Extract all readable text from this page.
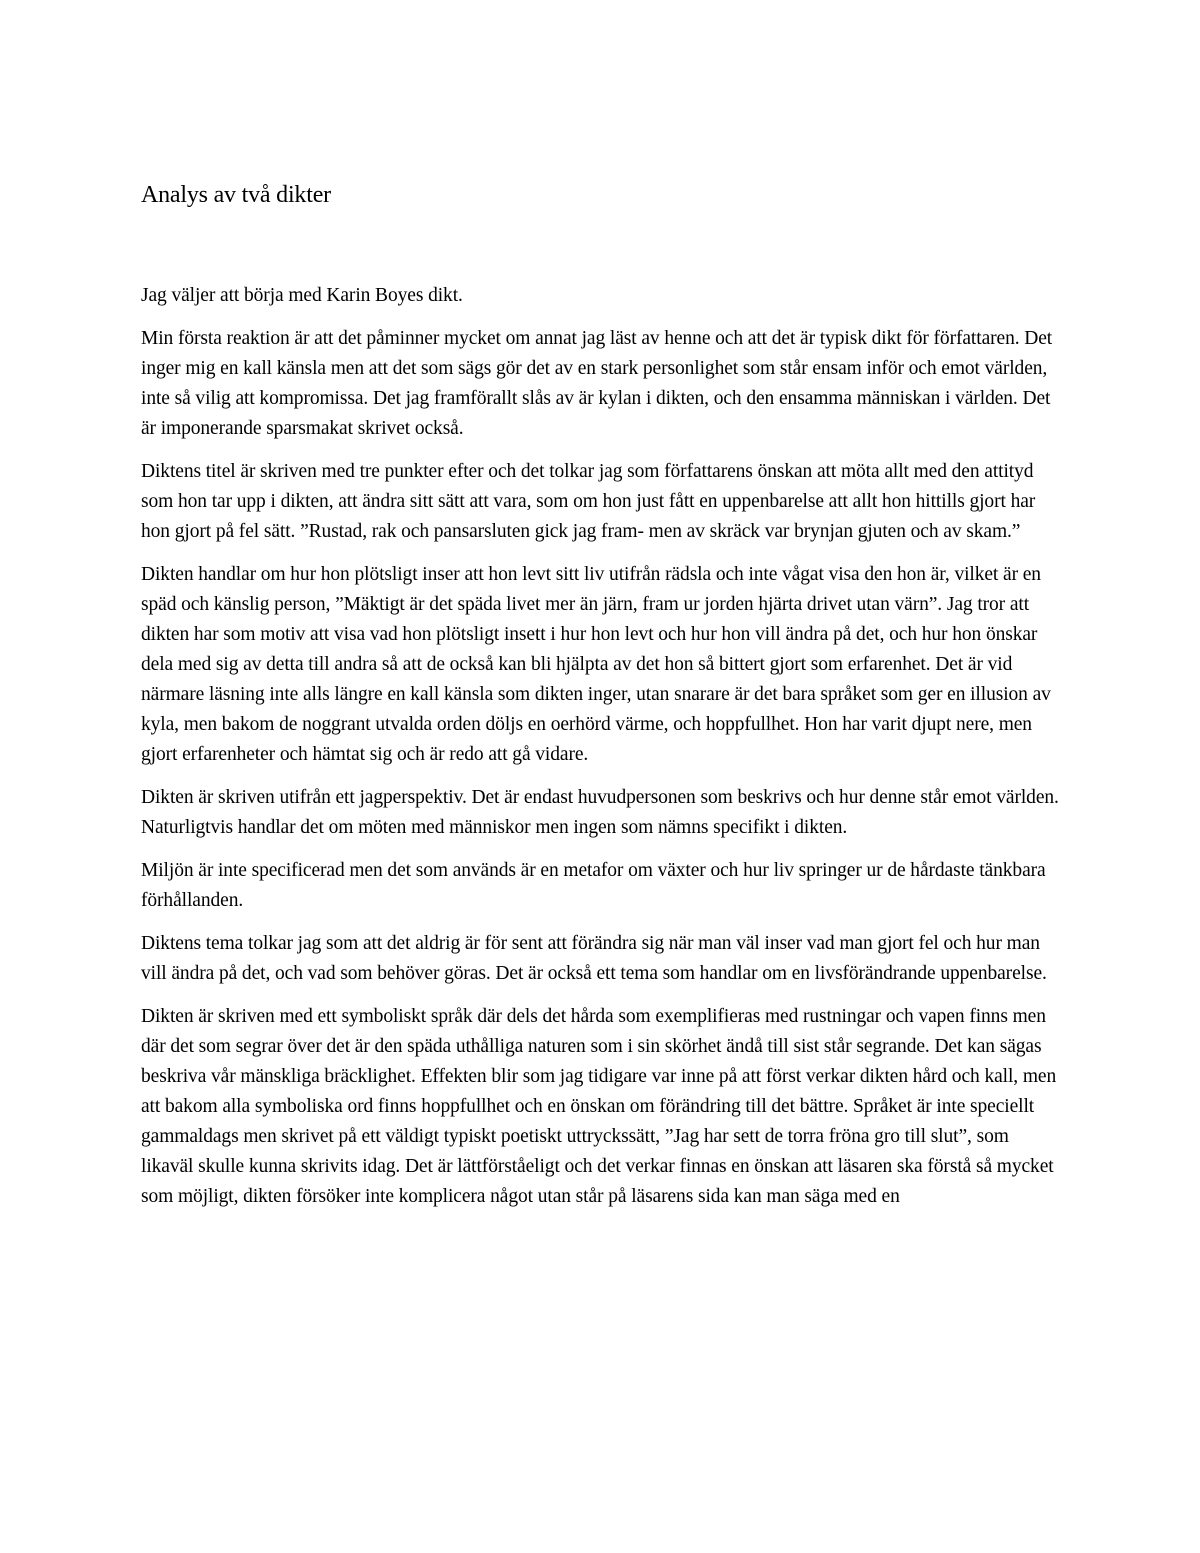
Analys av två dikter

Jag väljer att börja med Karin Boyes dikt.

Min första reaktion är att det påminner mycket om annat jag läst av henne och att det är typisk dikt för författaren. Det inger mig en kall känsla men att det som sägs gör det av en stark personlighet som står ensam inför och emot världen, inte så vilig att kompromissa. Det jag framförallt slås av är kylan i dikten, och den ensamma människan i världen. Det är imponerande sparsmakat skrivet också.

Diktens titel är skriven med tre punkter efter och det tolkar jag som författarens önskan att möta allt med den attityd som hon tar upp i dikten, att ändra sitt sätt att vara, som om hon just fått en uppenbarelse att allt hon hittills gjort har hon gjort på fel sätt. ”Rustad, rak och pansarsluten gick jag fram- men av skräck var brynjan gjuten och av skam.”

Dikten handlar om hur hon plötsligt inser att hon levt sitt liv utifrån rädsla och inte vågat visa den hon är, vilket är en späd och känslig person, ”Mäktigt är det späda livet mer än järn, fram ur jorden hjärta drivet utan värn”. Jag tror att dikten har som motiv att visa vad hon plötsligt insett i hur hon levt och hur hon vill ändra på det, och hur hon önskar dela med sig av detta till andra så att de också kan bli hjälpta av det hon så bittert gjort som erfarenhet. Det är vid närmare läsning inte alls längre en kall känsla som dikten inger, utan snarare är det bara språket som ger en illusion av kyla, men bakom de noggrant utvalda orden döljs en oerhörd värme, och hoppfullhet. Hon har varit djupt nere, men gjort erfarenheter och hämtat sig och är redo att gå vidare.

Dikten är skriven utifrån ett jagperspektiv. Det är endast huvudpersonen som beskrivs och hur denne står emot världen. Naturligtvis handlar det om möten med människor men ingen som nämns specifikt i dikten.

Miljön är inte specificerad men det som används är en metafor om växter och hur liv springer ur de hårdaste tänkbara förhållanden.

Diktens tema tolkar jag som att det aldrig är för sent att förändra sig när man väl inser vad man gjort fel och hur man vill ändra på det, och vad som behöver göras. Det är också ett tema som handlar om en livsförändrande uppenbarelse.

Dikten är skriven med ett symboliskt språk där dels det hårda som exemplifieras med rustningar och vapen finns men där det som segrar över det är den späda uthålliga naturen som i sin skörhet ändå till sist står segrande. Det kan sägas beskriva vår mänskliga bräcklighet. Effekten blir som jag tidigare var inne på att först verkar dikten hård och kall, men att bakom alla symboliska ord finns hoppfullhet och en önskan om förändring till det bättre. Språket är inte speciellt gammaldags men skrivet på ett väldigt typiskt poetiskt uttryckssätt, ”Jag har sett de torra fröna gro till slut”, som likaväl skulle kunna skrivits idag. Det är lättförståeligt och det verkar finnas en önskan att läsaren ska förstå så mycket som möjligt, dikten försöker inte komplicera något utan står på läsarens sida kan man säga med en
